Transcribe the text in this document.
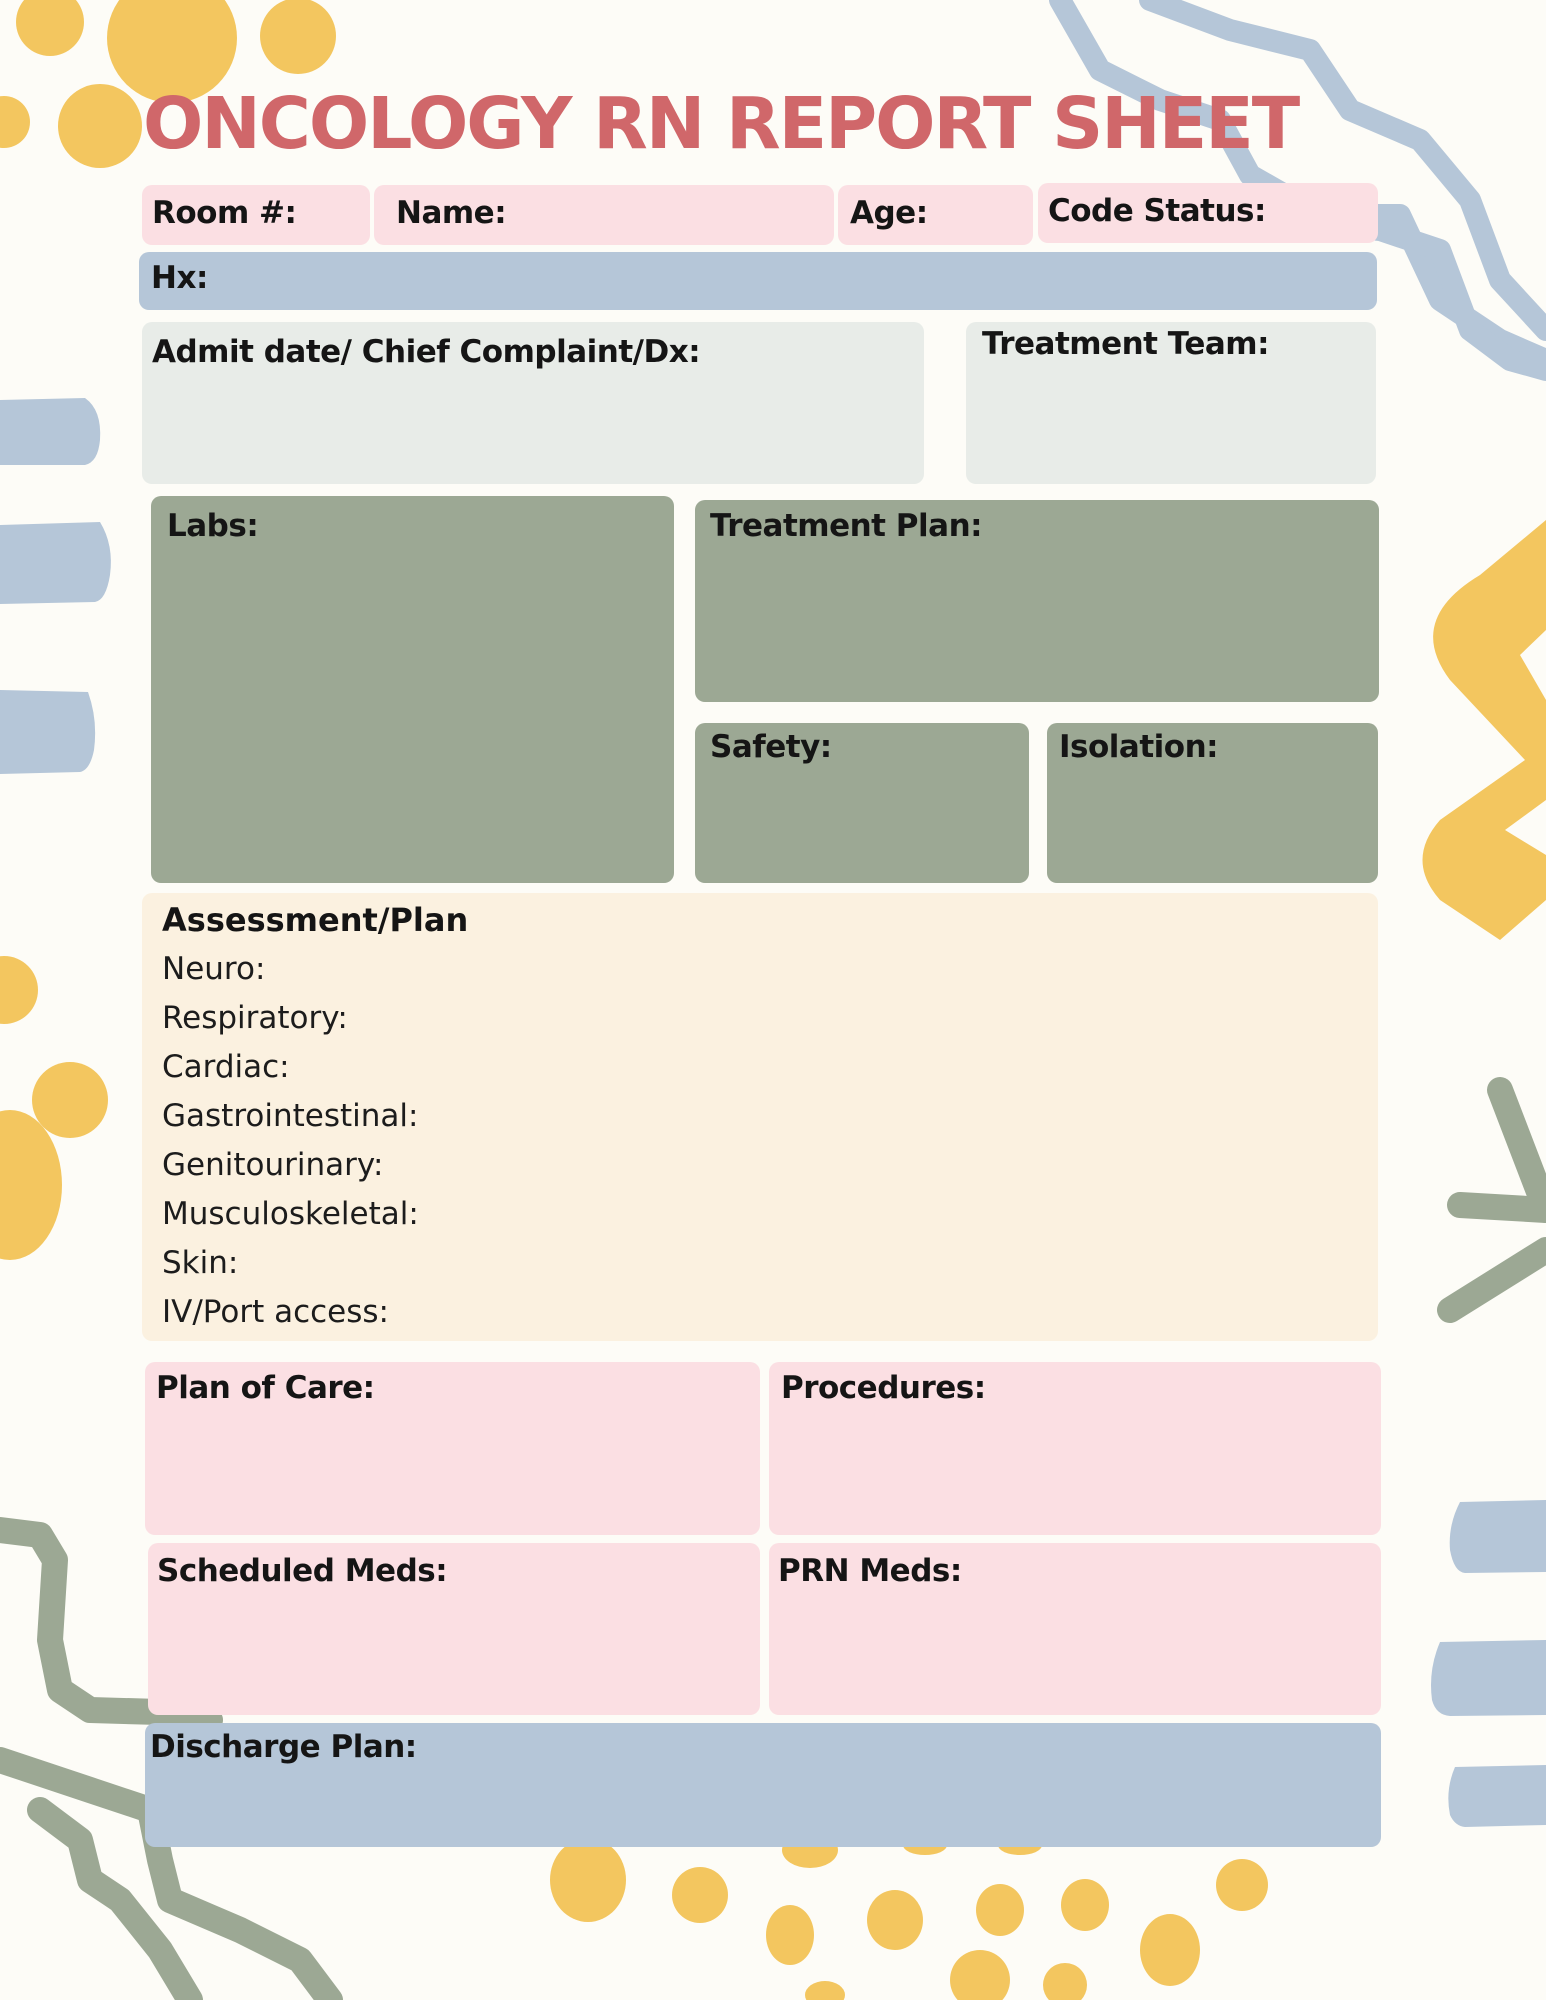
ONCOLOGY RN REPORT SHEET

Room #:	Name:	Age:	Code Status:

Hx:

Admit date/ Chief Complaint/Dx:	Treatment Team:

Labs:	Treatment Plan:

Safety:	Isolation:

Assessment/Plan

Neuro:
Respiratory:
Cardiac:
Gastrointestinal:
Genitourinary:
Musculoskeletal:
Skin:
IV/Port access:

Plan of Care:	Procedures:

Scheduled Meds:	PRN Meds:

Discharge Plan:
